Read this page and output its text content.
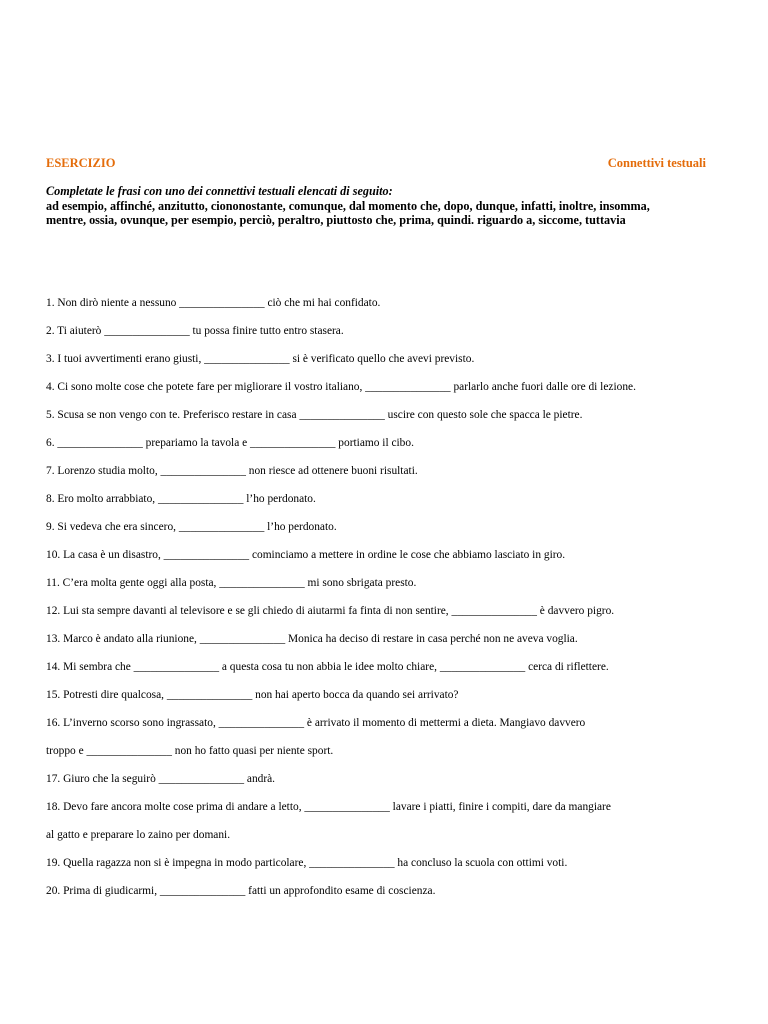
ESERCIZIO	Connettivi testuali
Completate le frasi con uno dei connettivi testuali elencati di seguito:
ad esempio, affinché, anzitutto, ciononostante, comunque, dal momento che, dopo, dunque, infatti, inoltre, insomma,
mentre, ossia, ovunque, per esempio, perciò, peraltro, piuttosto che, prima, quindi. riguardo a, siccome, tuttavia
1. Non dirò niente a nessuno _______________ ciò che mi hai confidato.
2. Ti aiuterò _______________ tu possa finire tutto entro stasera.
3. I tuoi avvertimenti erano giusti, _______________ si è verificato quello che avevi previsto.
4. Ci sono molte cose che potete fare per migliorare il vostro italiano, _______________ parlarlo anche fuori dalle ore di lezione.
5. Scusa se non vengo con te. Preferisco restare in casa _______________ uscire con questo sole che spacca le pietre.
6. _______________ prepariamo la tavola e _______________ portiamo il cibo.
7. Lorenzo studia molto, _______________ non riesce ad ottenere buoni risultati.
8. Ero molto arrabbiato, _______________ l’ho perdonato.
9. Si vedeva che era sincero, _______________ l’ho perdonato.
10. La casa è un disastro, _______________ cominciamo a mettere in ordine le cose che abbiamo lasciato in giro.
11. C’era molta gente oggi alla posta, _______________ mi sono sbrigata presto.
12. Lui sta sempre davanti al televisore e se gli chiedo di aiutarmi fa finta di non sentire, _______________ è davvero pigro.
13. Marco è andato alla riunione, _______________ Monica ha deciso di restare in casa perché non ne aveva voglia.
14. Mi sembra che _______________ a questa cosa tu non abbia le idee molto chiare, _______________ cerca di riflettere.
15. Potresti dire qualcosa, _______________ non hai aperto bocca da quando sei arrivato?
16. L’inverno scorso sono ingrassato, _______________ è arrivato il momento di mettermi a dieta. Mangiavo davvero
troppo e _______________ non ho fatto quasi per niente sport.
17. Giuro che la seguirò _______________ andrà.
18. Devo fare ancora molte cose prima di andare a letto, _______________ lavare i piatti, finire i compiti, dare da mangiare
al gatto e preparare lo zaino per domani.
19. Quella ragazza non si è impegna in modo particolare, _______________ ha concluso la scuola con ottimi voti.
20. Prima di giudicarmi, _______________ fatti un approfondito esame di coscienza.
